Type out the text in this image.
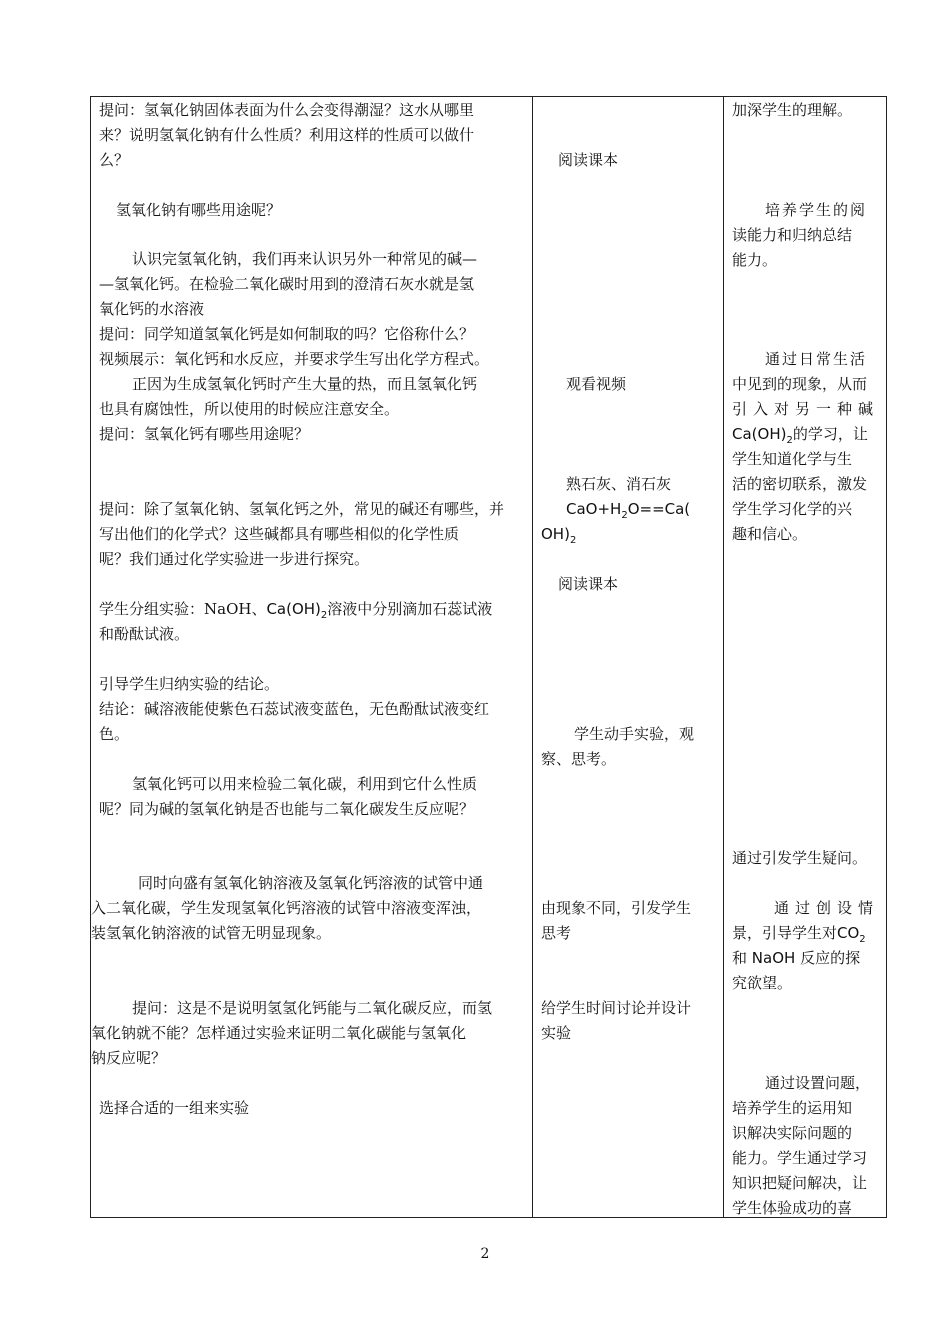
提问：氢氧化钠固体表面为什么会变得潮湿？这水从哪里
来？说明氢氧化钠有什么性质？利用这样的性质可以做什
么？
氢氧化钠有哪些用途呢？
认识完氢氧化钠，我们再来认识另外一种常见的碱—
—氢氧化钙。在检验二氧化碳时用到的澄清石灰水就是氢
氧化钙的水溶液
提问：同学知道氢氧化钙是如何制取的吗？它俗称什么？
视频展示：氧化钙和水反应，并要求学生写出化学方程式。
正因为生成氢氧化钙时产生大量的热，而且氢氧化钙
也具有腐蚀性，所以使用的时候应注意安全。
提问：氢氧化钙有哪些用途呢？
提问：除了氢氧化钠、氢氧化钙之外，常见的碱还有哪些，并
写出他们的化学式？这些碱都具有哪些相似的化学性质
呢？我们通过化学实验进一步进行探究。
学生分组实验：NaOH、$Ca(OH)_2$溶液中分别滴加石蕊试液
和酚酞试液。
引导学生归纳实验的结论。
结论：碱溶液能使紫色石蕊试液变蓝色，无色酚酞试液变红
色。
氢氧化钙可以用来检验二氧化碳，利用到它什么性质
呢？同为碱的氢氧化钠是否也能与二氧化碳发生反应呢？
同时向盛有氢氧化钠溶液及氢氧化钙溶液的试管中通
入二氧化碳，学生发现氢氧化钙溶液的试管中溶液变浑浊，
装氢氧化钠溶液的试管无明显现象。
提问：这是不是说明氢氢化钙能与二氧化碳反应，而氢
氧化钠就不能？怎样通过实验来证明二氧化碳能与氢氧化
钠反应呢？
选择合适的一组来实验
阅读课本
观看视频
熟石灰、消石灰
$CaO+H_2O==Ca$(
$OH)_2$
阅读课本
学生动手实验，观
察、思考。
由现象不同，引发学生
思考
给学生时间讨论并设计
实验
加深学生的理解。
培养学生的阅
读能力和归纳总结
能力。
通过日常生活
中见到的现象，从而
引入对另一种碱
$Ca(OH)_2$的学习，让
学生知道化学与生
活的密切联系，激发
学生学习化学的兴
趣和信心。
通过引发学生疑问。
通过创设情
景，引导学生对$CO_2$
和 NaOH 反应的探
究欲望。
通过设置问题，
培养学生的运用知
识解决实际问题的
能力。学生通过学习
知识把疑问解决，让
学生体验成功的喜
2
